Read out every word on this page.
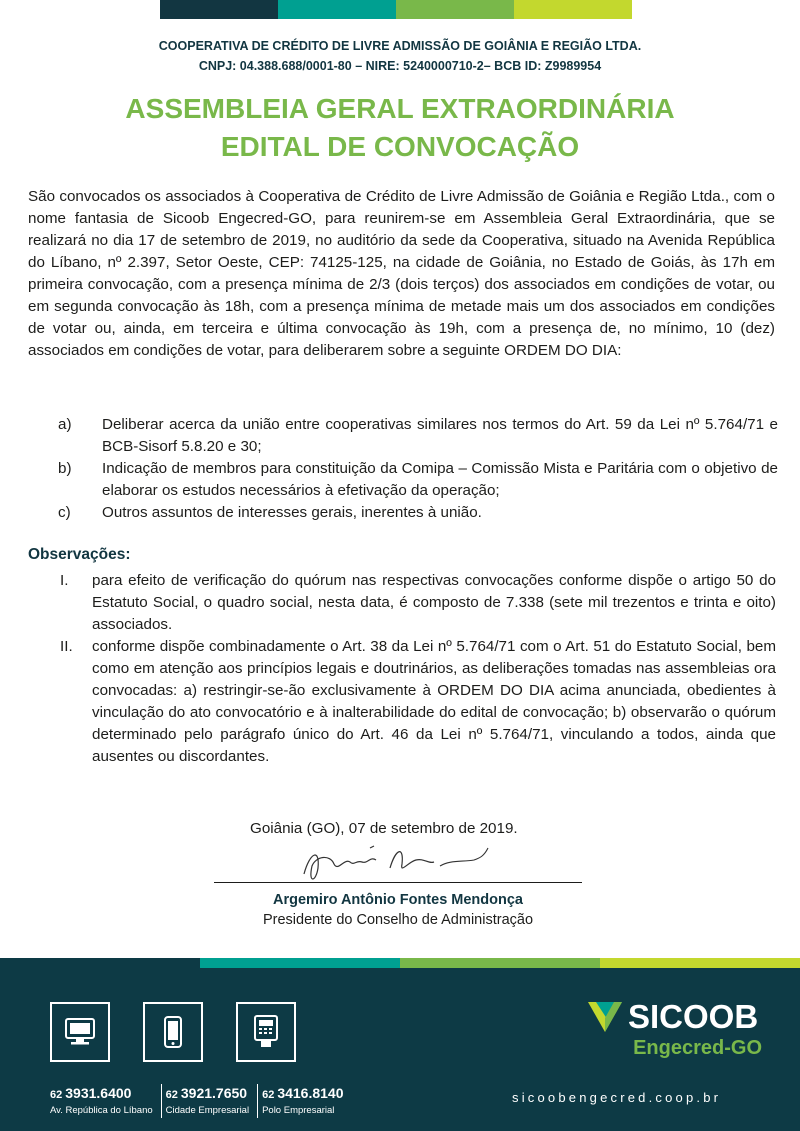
COOPERATIVA DE CRÉDITO DE LIVRE ADMISSÃO DE GOIÂNIA E REGIÃO LTDA.
CNPJ: 04.388.688/0001-80 – NIRE: 5240000710-2– BCB ID: Z9989954
ASSEMBLEIA GERAL EXTRAORDINÁRIA
EDITAL DE CONVOCAÇÃO

São convocados os associados à Cooperativa de Crédito de Livre Admissão de Goiânia e Região Ltda., com o nome fantasia de Sicoob Engecred-GO, para reunirem-se em Assembleia Geral Extraordinária, que se realizará no dia 17 de setembro de 2019, no auditório da sede da Cooperativa, situado na Avenida República do Líbano, nº 2.397, Setor Oeste, CEP: 74125-125, na cidade de Goiânia, no Estado de Goiás, às 17h em primeira convocação, com a presença mínima de 2/3 (dois terços) dos associados em condições de votar, ou em segunda convocação às 18h, com a presença mínima de metade mais um dos associados em condições de votar ou, ainda, em terceira e última convocação às 19h, com a presença de, no mínimo, 10 (dez) associados em condições de votar, para deliberarem sobre a seguinte ORDEM DO DIA:

a)	Deliberar acerca da união entre cooperativas similares nos termos do Art. 59 da Lei nº 5.764/71 e BCB-Sisorf 5.8.20 e 30;
b)	Indicação de membros para constituição da Comipa – Comissão Mista e Paritária com o objetivo de elaborar os estudos necessários à efetivação da operação;
c)	Outros assuntos de interesses gerais, inerentes à união.
Observações:
I.	para efeito de verificação do quórum nas respectivas convocações conforme dispõe o artigo 50 do Estatuto Social, o quadro social, nesta data, é composto de 7.338 (sete mil trezentos e trinta e oito) associados.
II.	conforme dispõe combinadamente o Art. 38 da Lei nº 5.764/71 com o Art. 51 do Estatuto Social, bem como em atenção aos princípios legais e doutrinários, as deliberações tomadas nas assembleias ora convocadas: a) restringir-se-ão exclusivamente à ORDEM DO DIA acima anunciada, obedientes à vinculação do ato convocatório e à inalterabilidade do edital de convocação; b) observarão o quórum determinado pelo parágrafo único do Art. 46 da Lei nº 5.764/71, vinculando a todos, ainda que ausentes ou discordantes.
Goiânia (GO), 07 de setembro de 2019.
Argemiro Antônio Fontes Mendonça
Presidente do Conselho de Administração
SICOOB
Engecred-GO
62 3931.6400
Av. República do Líbano
62 3921.7650
Cidade Empresarial
62 3416.8140
Polo Empresarial
sicoobengecred.coop.br
